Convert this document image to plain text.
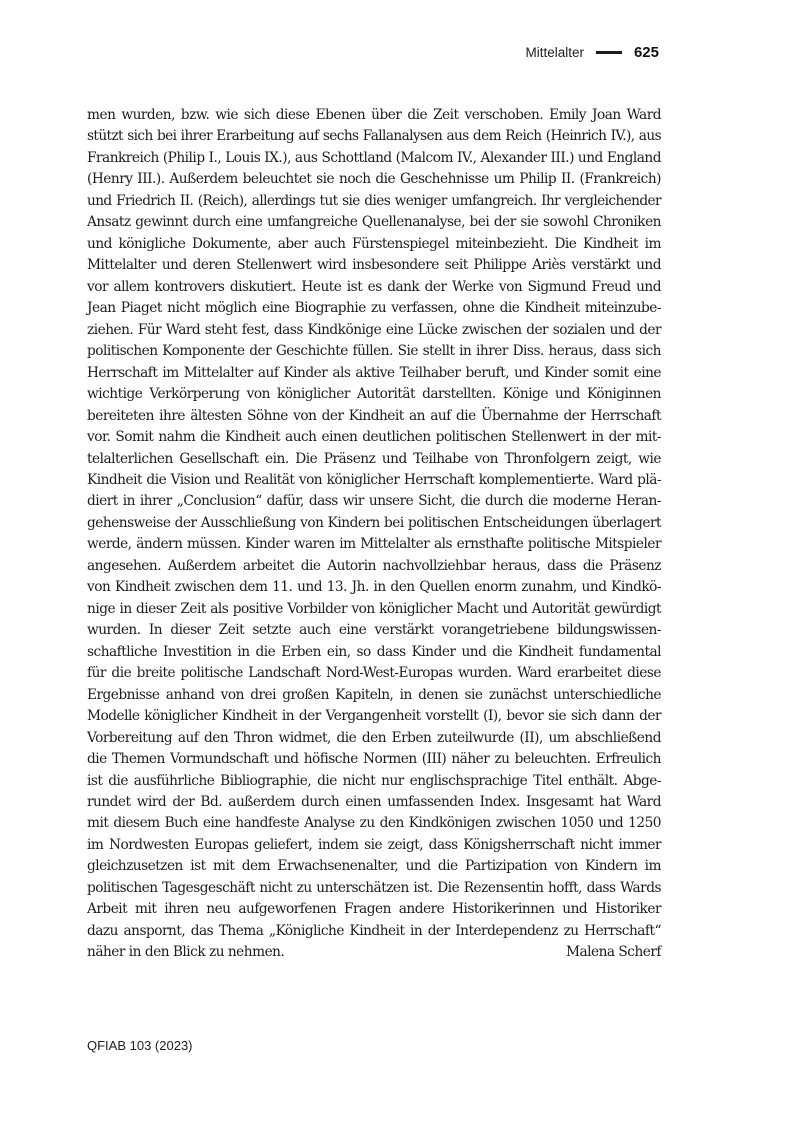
Mittelalter	625
men wurden, bzw. wie sich diese Ebenen über die Zeit verschoben. Emily Joan Ward
stützt sich bei ihrer Erarbeitung auf sechs Fallanalysen aus dem Reich (Heinrich IV.), aus
Frankreich (Philip I., Louis IX.), aus Schottland (Malcom IV., Alexander III.) und England
(Henry III.). Außerdem beleuchtet sie noch die Geschehnisse um Philip II. (Frankreich)
und Friedrich II. (Reich), allerdings tut sie dies weniger umfangreich. Ihr vergleichender
Ansatz gewinnt durch eine umfangreiche Quellenanalyse, bei der sie sowohl Chroniken
und königliche Dokumente, aber auch Fürstenspiegel miteinbezieht. Die Kindheit im
Mittelalter und deren Stellenwert wird insbesondere seit Philippe Ariès verstärkt und
vor allem kontrovers diskutiert. Heute ist es dank der Werke von Sigmund Freud und
Jean Piaget nicht möglich eine Biographie zu verfassen, ohne die Kindheit miteinzube-
ziehen. Für Ward steht fest, dass Kindkönige eine Lücke zwischen der sozialen und der
politischen Komponente der Geschichte füllen. Sie stellt in ihrer Diss. heraus, dass sich
Herrschaft im Mittelalter auf Kinder als aktive Teilhaber beruft, und Kinder somit eine
wichtige Verkörperung von königlicher Autorität darstellten. Könige und Königinnen
bereiteten ihre ältesten Söhne von der Kindheit an auf die Übernahme der Herrschaft
vor. Somit nahm die Kindheit auch einen deutlichen politischen Stellenwert in der mit-
telalterlichen Gesellschaft ein. Die Präsenz und Teilhabe von Thronfolgern zeigt, wie
Kindheit die Vision und Realität von königlicher Herrschaft komplementierte. Ward plä-
diert in ihrer „Conclusion“ dafür, dass wir unsere Sicht, die durch die moderne Heran-
gehensweise der Ausschließung von Kindern bei politischen Entscheidungen überlagert
werde, ändern müssen. Kinder waren im Mittelalter als ernsthafte politische Mitspieler
angesehen. Außerdem arbeitet die Autorin nachvollziehbar heraus, dass die Präsenz
von Kindheit zwischen dem 11. und 13. Jh. in den Quellen enorm zunahm, und Kindkö-
nige in dieser Zeit als positive Vorbilder von königlicher Macht und Autorität gewürdigt
wurden. In dieser Zeit setzte auch eine verstärkt vorangetriebene bildungswissen-
schaftliche Investition in die Erben ein, so dass Kinder und die Kindheit fundamental
für die breite politische Landschaft Nord-West-Europas wurden. Ward erarbeitet diese
Ergebnisse anhand von drei großen Kapiteln, in denen sie zunächst unterschiedliche
Modelle königlicher Kindheit in der Vergangenheit vorstellt (I), bevor sie sich dann der
Vorbereitung auf den Thron widmet, die den Erben zuteilwurde (II), um abschließend
die Themen Vormundschaft und höfische Normen (III) näher zu beleuchten. Erfreulich
ist die ausführliche Bibliographie, die nicht nur englischsprachige Titel enthält. Abge-
rundet wird der Bd. außerdem durch einen umfassenden Index. Insgesamt hat Ward
mit diesem Buch eine handfeste Analyse zu den Kindkönigen zwischen 1050 und 1250
im Nordwesten Europas geliefert, indem sie zeigt, dass Königsherrschaft nicht immer
gleichzusetzen ist mit dem Erwachsenenalter, und die Partizipation von Kindern im
politischen Tagesgeschäft nicht zu unterschätzen ist. Die Rezensentin hofft, dass Wards
Arbeit mit ihren neu aufgeworfenen Fragen andere Historikerinnen und Historiker
dazu anspornt, das Thema „Königliche Kindheit in der Interdependenz zu Herrschaft“
näher in den Blick zu nehmen.	Malena Scherf
QFIAB 103 (2023)
